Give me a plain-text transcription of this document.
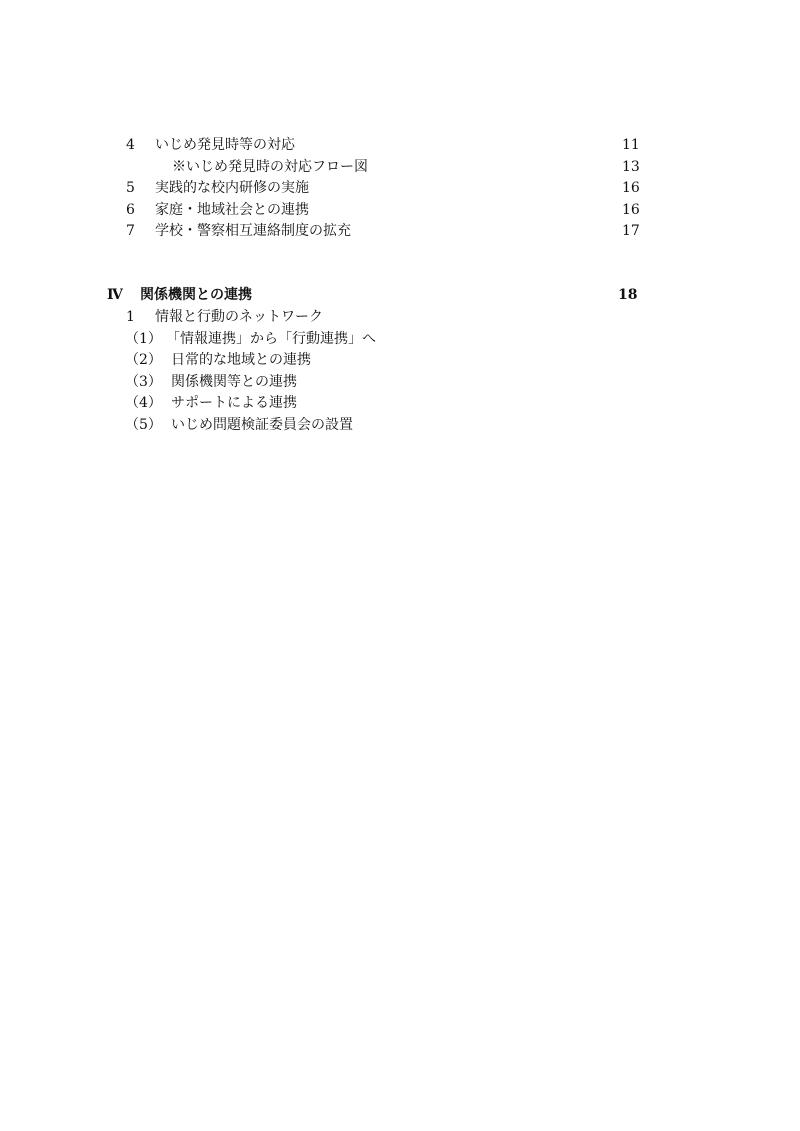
4 いじめ発見時等の対応	11
※いじめ発見時の対応フロー図	13
5 実践的な校内研修の実施	16
6 家庭・地域社会との連携	16
7 学校・警察相互連絡制度の拡充	17
Ⅳ 関係機関との連携	18
1 情報と行動のネットワーク
（1） 「情報連携」から「行動連携」へ
（2） 日常的な地域との連携
（3） 関係機関等との連携
（4） サポートによる連携
（5） いじめ問題検証委員会の設置
